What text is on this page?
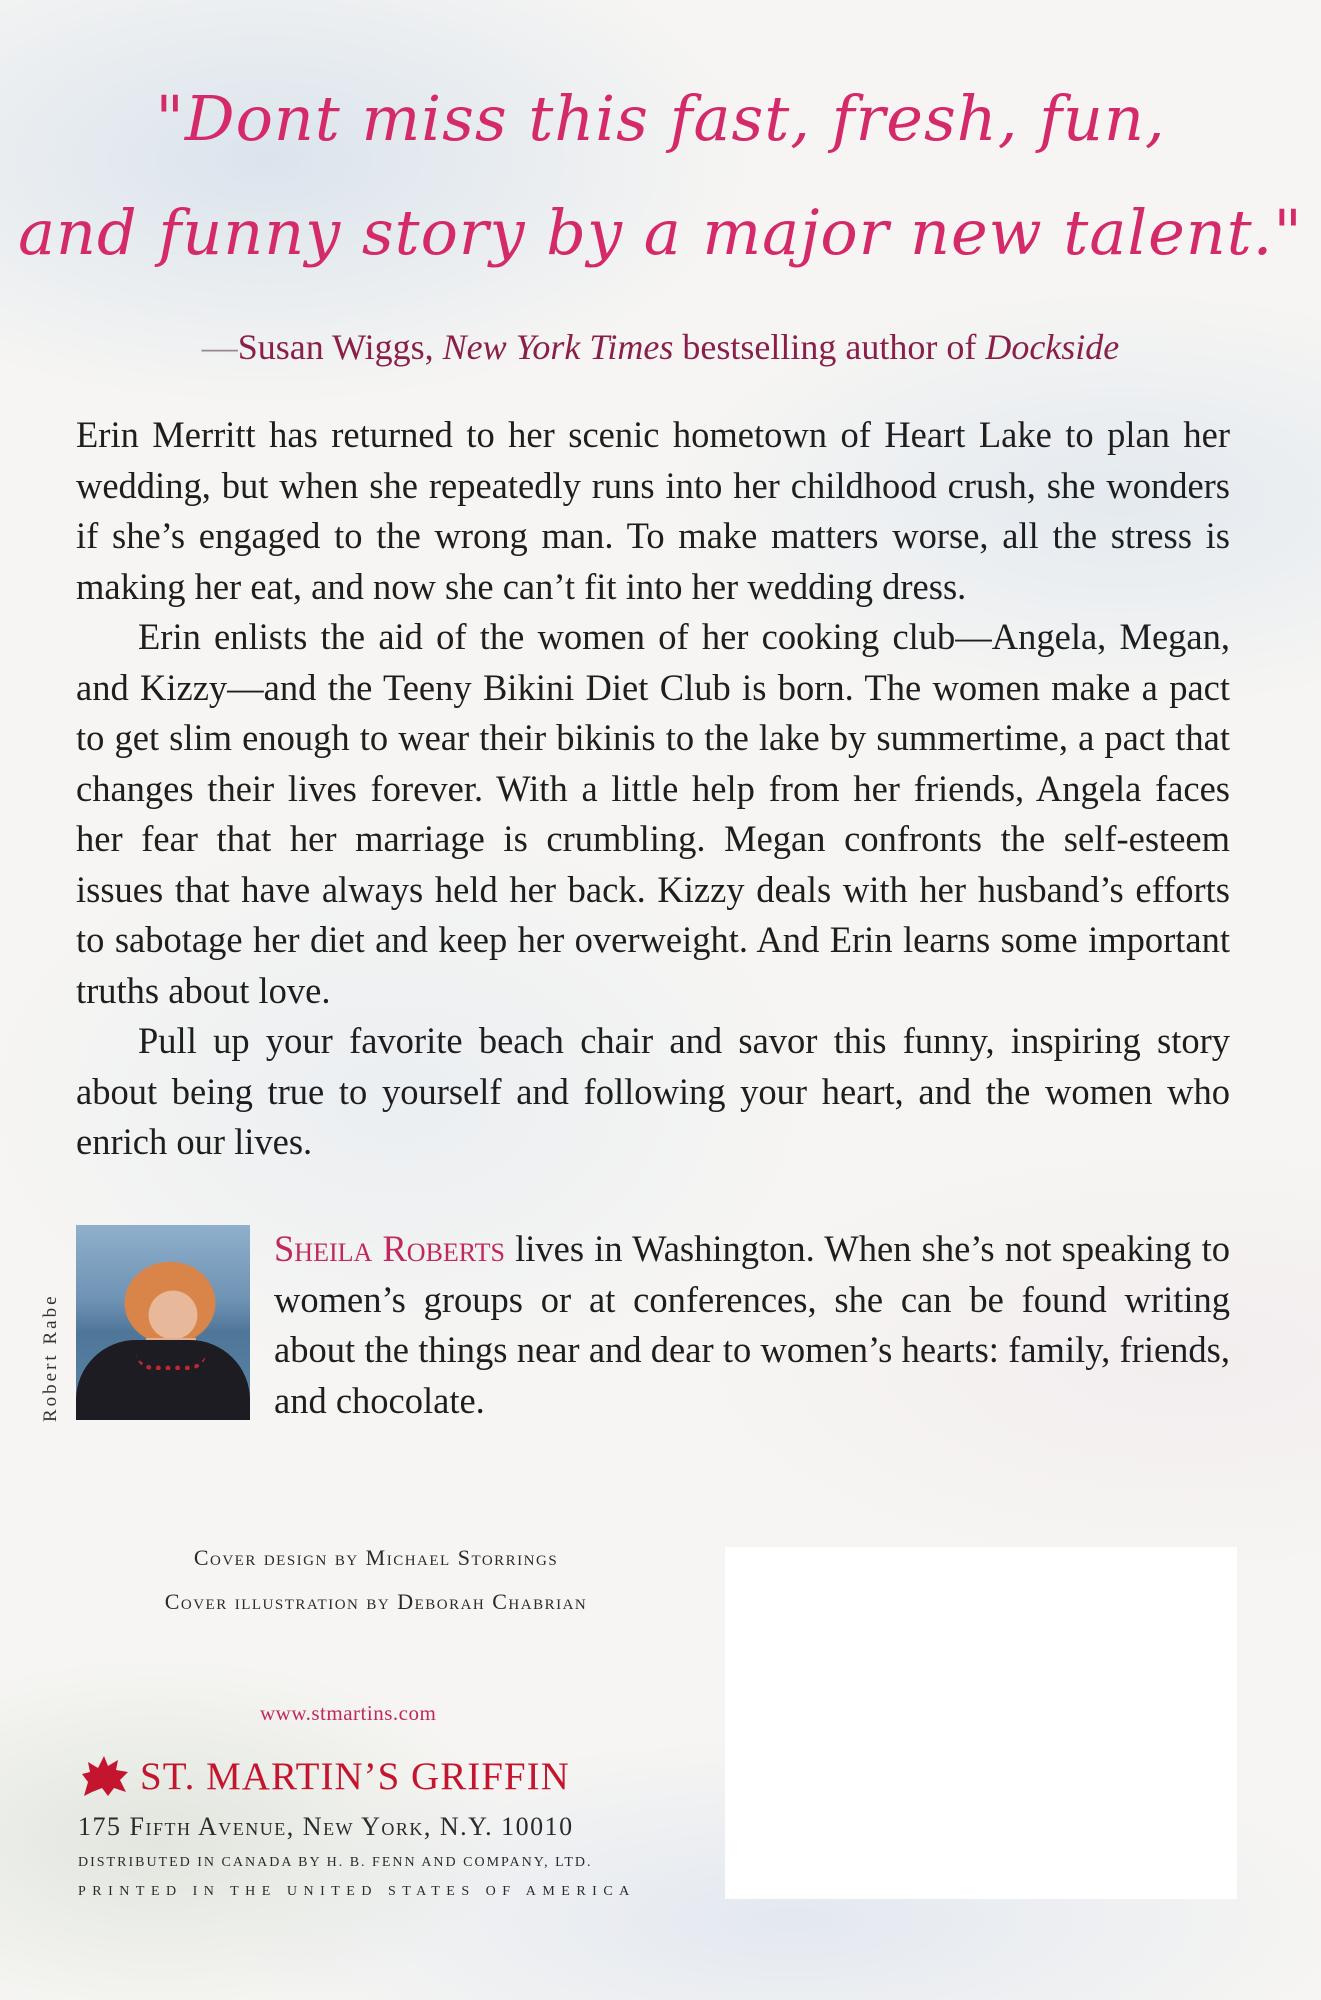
"Dont miss this fast, fresh, fun,
and funny story by a major new talent."
—Susan Wiggs, New York Times bestselling author of Dockside

Erin Merritt has returned to her scenic hometown of Heart Lake to plan her wedding, but when she repeatedly runs into her childhood crush, she wonders if she’s engaged to the wrong man. To make matters worse, all the stress is making her eat, and now she can’t fit into her wedding dress.

Erin enlists the aid of the women of her cooking club—Angela, Megan, and Kizzy—and the Teeny Bikini Diet Club is born. The women make a pact to get slim enough to wear their bikinis to the lake by summertime, a pact that changes their lives forever. With a little help from her friends, Angela faces her fear that her marriage is crumbling. Megan confronts the self-esteem issues that have always held her back. Kizzy deals with her husband’s efforts to sabotage her diet and keep her overweight. And Erin learns some important truths about love.

Pull up your favorite beach chair and savor this funny, inspiring story about being true to yourself and following your heart, and the women who enrich our lives.

Robert Rabe

Sheila Roberts lives in Washington. When she’s not speaking to women’s groups or at conferences, she can be found writing about the things near and dear to women’s hearts: family, friends, and chocolate.

Cover design by Michael Storrings
Cover illustration by Deborah Chabrian
www.stmartins.com
ST. MARTIN’S GRIFFIN
175 Fifth Avenue, New York, N.Y. 10010
DISTRIBUTED IN CANADA BY H. B. FENN AND COMPANY, LTD.
PRINTED IN THE UNITED STATES OF AMERICA
